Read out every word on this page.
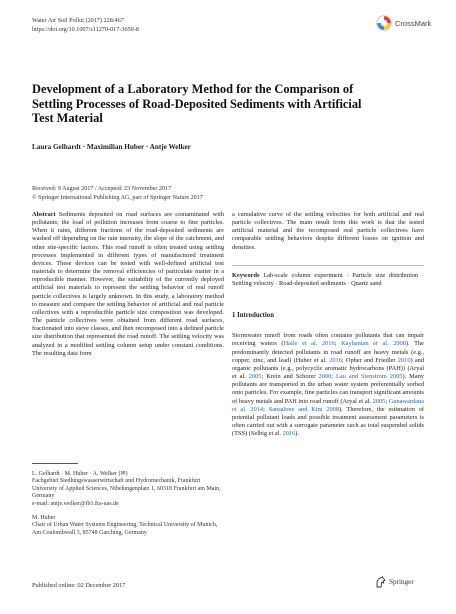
Water Air Soil Pollut (2017) 228:467
https://doi.org/10.1007/s11270-017-3650-8
CrossMark
Development of a Laboratory Method for the Comparison of Settling Processes of Road-Deposited Sediments with Artificial Test Material
Laura Gelhardt · Maximilian Huber · Antje Welker
Received: 9 August 2017 / Accepted: 23 November 2017
© Springer International Publishing AG, part of Springer Nature 2017

Abstract Sediments deposited on road surfaces are contaminated with pollutants; the load of pollution increases from coarse to fine particles. When it rains, different fractions of the road-deposited sediments are washed off depending on the rain intensity, the slope of the catchment, and other site-specific factors. This road runoff is often treated using settling processes implemented in different types of manufactured treatment devices. These devices can be tested with well-defined artificial test materials to determine the removal efficiencies of particulate matter in a reproducible manner. However, the suitability of the currently deployed artificial test materials to represent the settling behavior of real runoff particle collectives is largely unknown. In this study, a laboratory method to measure and compare the settling behavior of artificial and real particle collectives with a reproducible particle size composition was developed. The particle collectives were obtained from different road surfaces, fractionated into sieve classes, and then recomposed into a defined particle size distribution that represented the road runoff. The settling velocity was analyzed in a modified settling column setup under constant conditions. The resulting data form

L. Gelhardt · M. Huber · A. Welker (✉)

Fachgebiet Siedlungswasserwirtschaft und Hydromechanik, Frankfurt University of Applied Sciences, Nibelungenplatz 1, 60318 Frankfurt am Main, Germany

e-mail: antje.welker@fb1.fra-uas.de

M. Huber

Chair of Urban Water Systems Engineering, Technical University of Munich, Am Coulombwall 3, 85748 Garching, Germany

a cumulative curve of the settling velocities for both artificial and real particle collectives. The main result from this work is that the tested artificial material and the recomposed real particle collectives have comparable settling behaviors despite different losses on ignition and densities.

Keywords Lab-scale column experiment · Particle size distribution · Settling velocity · Road-deposited sediments · Quartz sand

1 Introduction

Stormwater runoff from roads often contains pollutants that can impair receiving waters (Haile et al. 2016; Kayhanian et al. 2008). The predominantly detected pollutants in road runoff are heavy metals (e.g., copper, zinc, and lead) (Huber et al. 2016; Opher and Friedler 2010) and organic pollutants (e.g., polycyclic aromatic hydrocarbons (PAH)) (Aryal et al. 2005; Krein and Schorer 2000; Lau and Stenstrom 2005). Many pollutants are transported in the urban water system preferentially sorbed onto particles. For example, fine particles can transport significant amounts of heavy metals and PAH into road runoff (Aryal et al. 2005; Gunawardana et al. 2014; Sansalone and Kim 2008). Therefore, the estimation of potential pollutant loads and possible treatment assessment parameters is often carried out with a surrogate parameter such as total suspended solids (TSS) (Selbig et al. 2016).

Published online: 02 December 2017	Springer
